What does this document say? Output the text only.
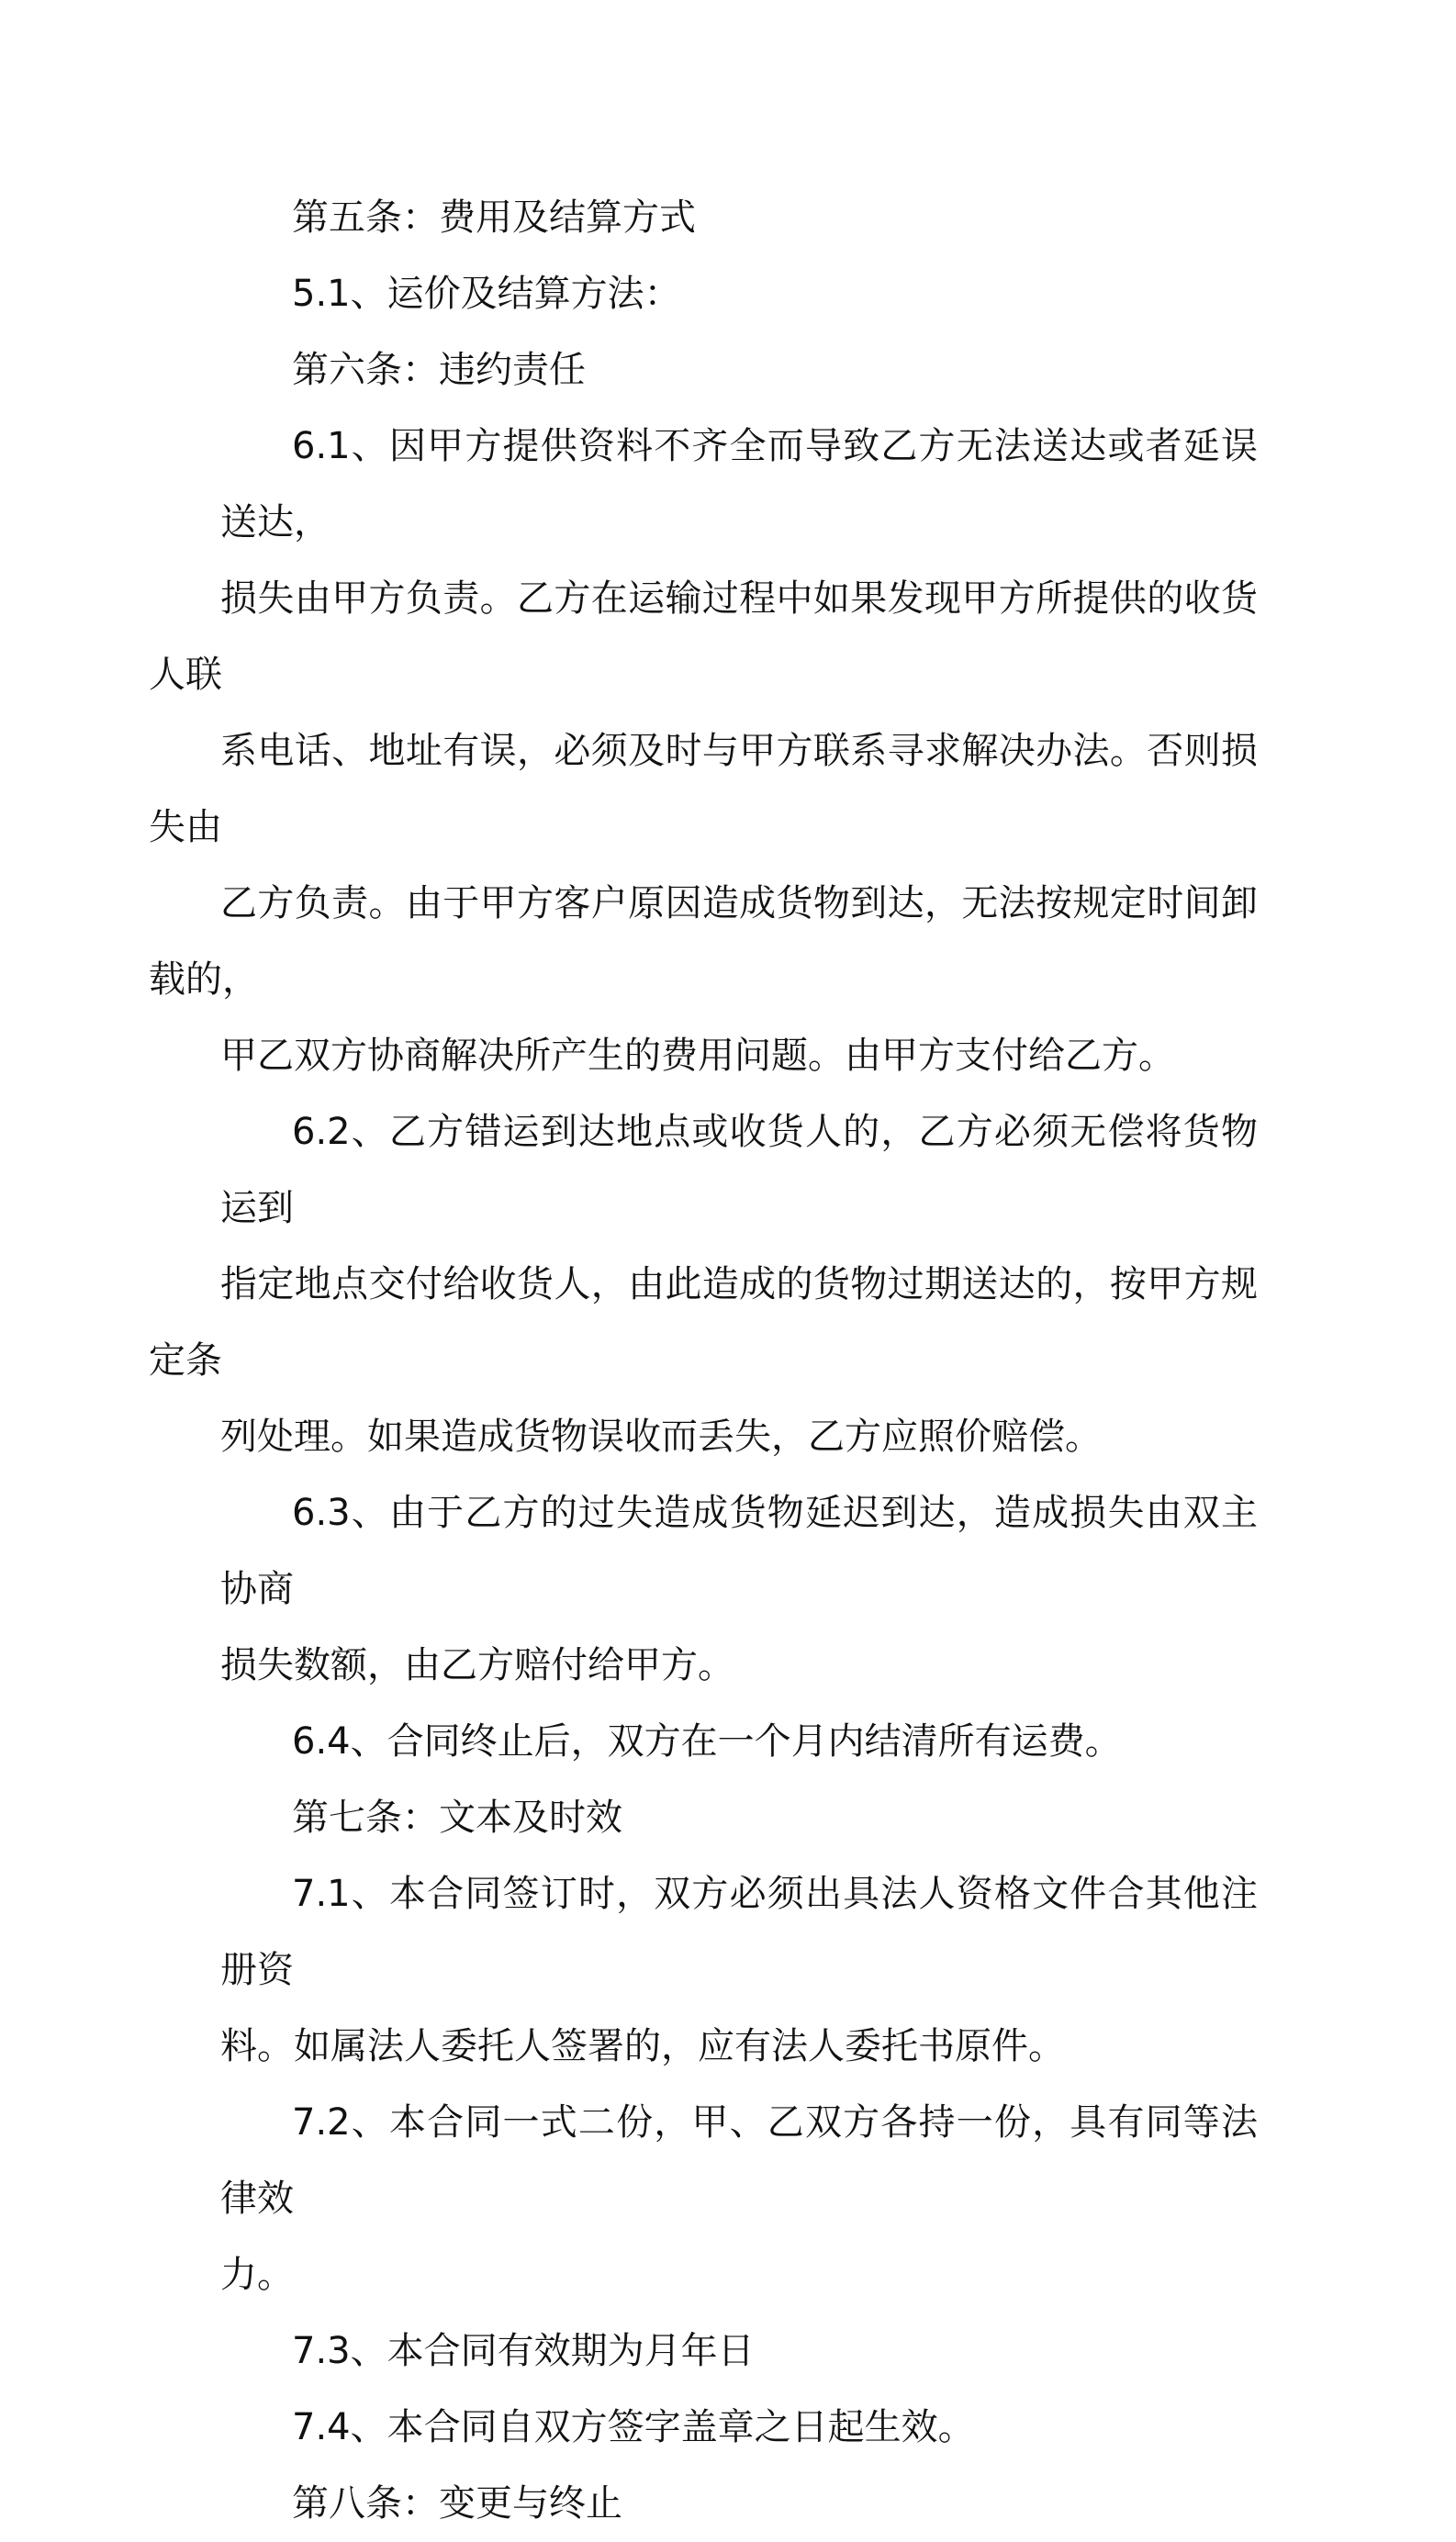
第五条：费用及结算方式

5.1、运价及结算方法：

第六条：违约责任

6.1、因甲方提供资料不齐全而导致乙方无法送达或者延误送达，
损失由甲方负责。乙方在运输过程中如果发现甲方所提供的收货人联
系电话、地址有误，必须及时与甲方联系寻求解决办法。否则损失由
乙方负责。由于甲方客户原因造成货物到达，无法按规定时间卸载的，
甲乙双方协商解决所产生的费用问题。由甲方支付给乙方。

6.2、乙方错运到达地点或收货人的，乙方必须无偿将货物运到
指定地点交付给收货人，由此造成的货物过期送达的，按甲方规定条
列处理。如果造成货物误收而丢失，乙方应照价赔偿。

6.3、由于乙方的过失造成货物延迟到达，造成损失由双主协商
损失数额，由乙方赔付给甲方。

6.4、合同终止后，双方在一个月内结清所有运费。

第七条：文本及时效

7.1、本合同签订时，双方必须出具法人资格文件合其他注册资
料。如属法人委托人签署的，应有法人委托书原件。

7.2、本合同一式二份，甲、乙双方各持一份，具有同等法律效
力。

7.3、本合同有效期为月年日

7.4、本合同自双方签字盖章之日起生效。

第八条：变更与终止
